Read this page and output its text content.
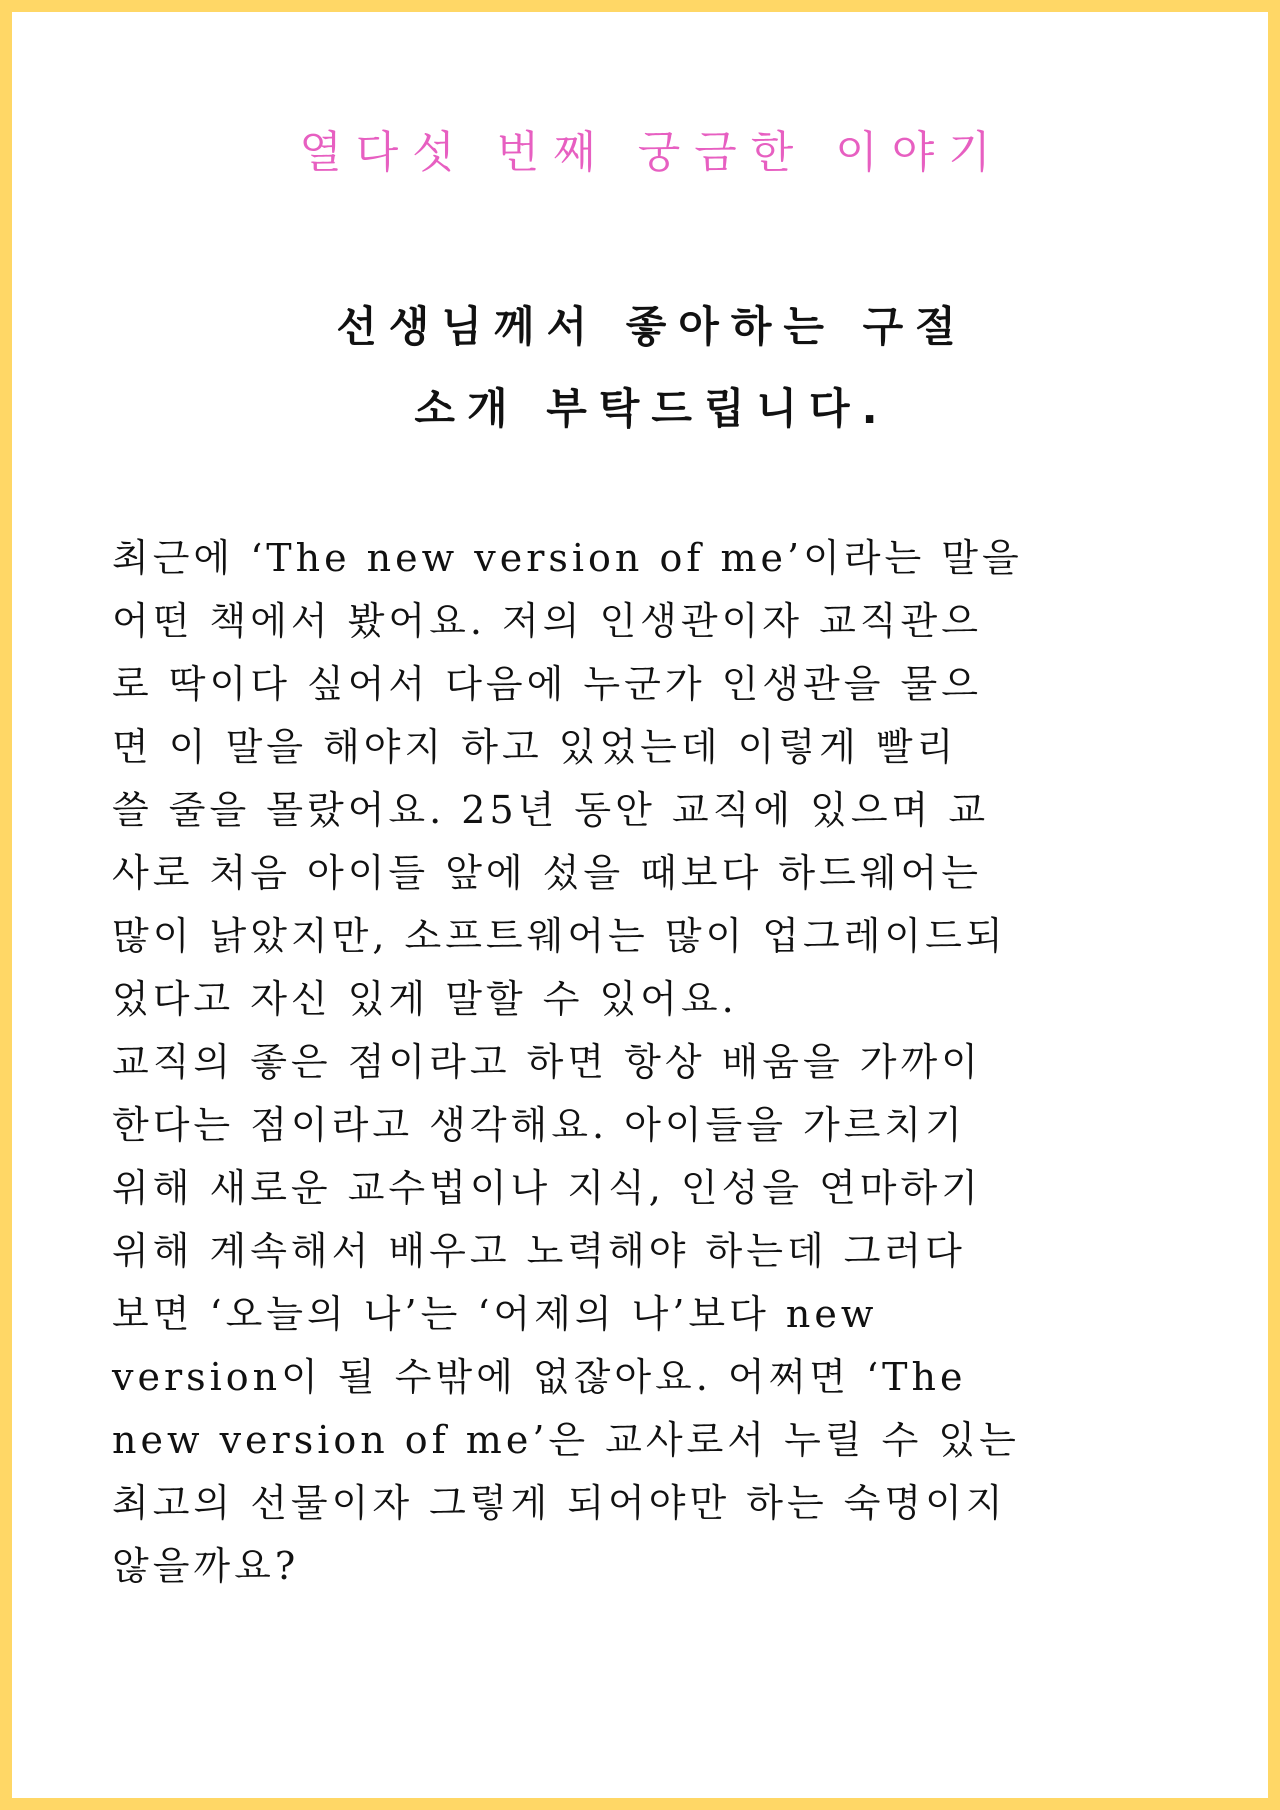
열다섯 번째 궁금한 이야기
선생님께서 좋아하는 구절
소개 부탁드립니다.
최근에 ‘The new version of me’이라는 말을
어떤 책에서 봤어요. 저의 인생관이자 교직관으
로 딱이다 싶어서 다음에 누군가 인생관을 물으
면 이 말을 해야지 하고 있었는데 이렇게 빨리
쓸 줄을 몰랐어요. 25년 동안 교직에 있으며 교
사로 처음 아이들 앞에 섰을 때보다 하드웨어는
많이 낡았지만, 소프트웨어는 많이 업그레이드되
었다고 자신 있게 말할 수 있어요.
교직의 좋은 점이라고 하면 항상 배움을 가까이
한다는 점이라고 생각해요. 아이들을 가르치기
위해 새로운 교수법이나 지식, 인성을 연마하기
위해 계속해서 배우고 노력해야 하는데 그러다
보면 ‘오늘의 나’는 ‘어제의 나’보다 new
version이 될 수밖에 없잖아요. 어쩌면 ‘The
new version of me’은 교사로서 누릴 수 있는
최고의 선물이자 그렇게 되어야만 하는 숙명이지
않을까요?
